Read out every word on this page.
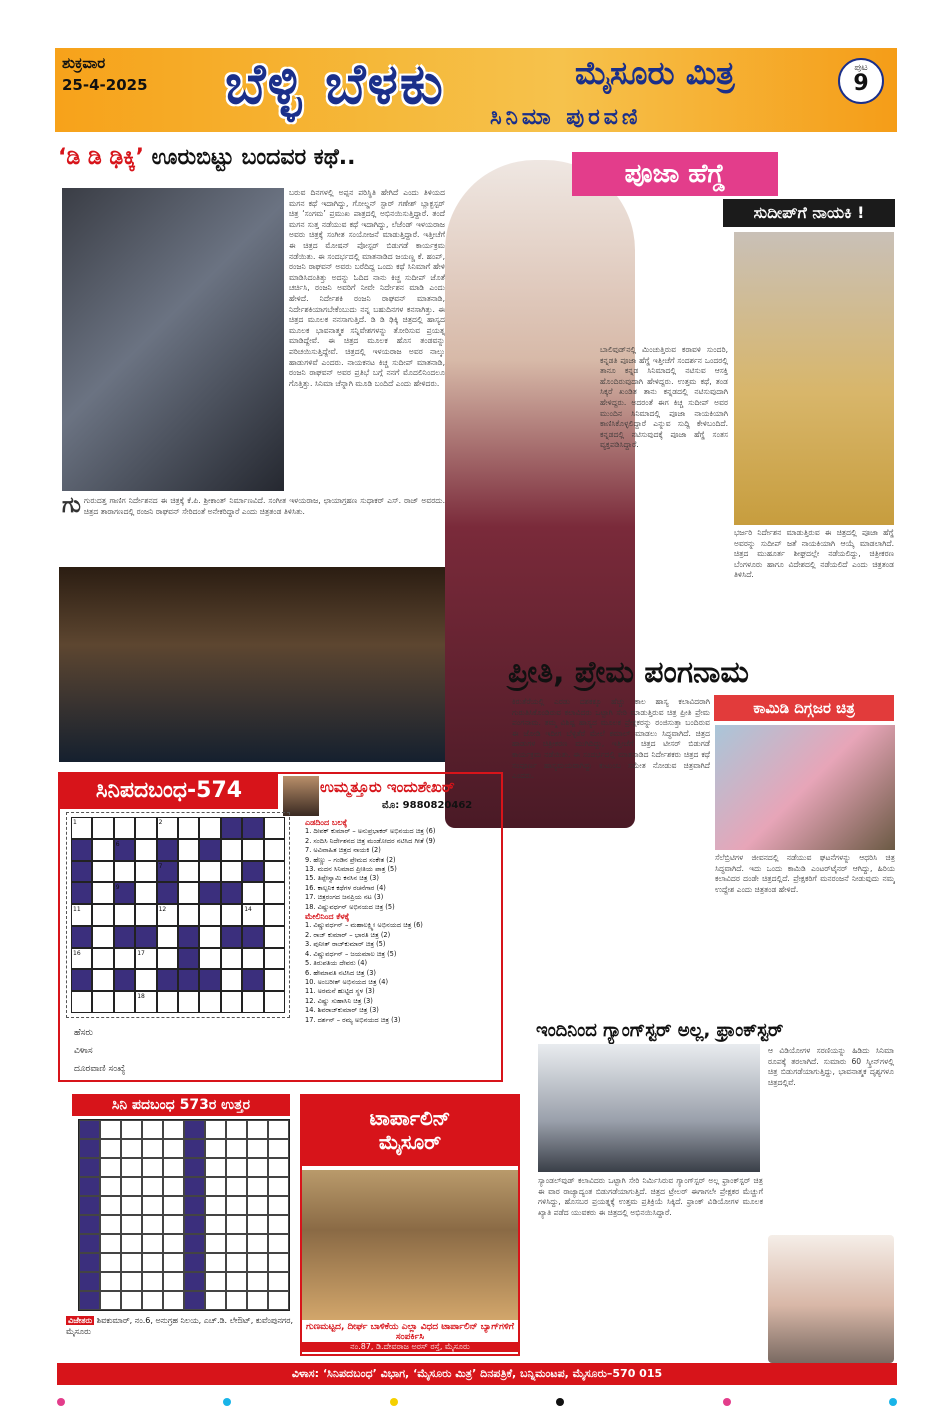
ಶುಕ್ರವಾರ
25-4-2025 ಬೆಳ್ಳಿ ಬೆಳಕು	ಮೈಸೂರು ಮಿತ್ರ
ಸಿನಿಮಾ ಪುರವಣಿ
ಪುಟ
9
‘ಡಿ ಡಿ ಢಿಕ್ಕಿ’ ಊರುಬಿಟ್ಟು ಬಂದವರ ಕಥೆ..
ಬರುವ ದಿನಗಳಲ್ಲಿ ಅಪ್ಪನ ಪರಿಸ್ಥಿತಿ ಹೇಗಿದೆ ಎಂದು ತಿಳಿಯದ ಮಗನ ಕಥೆ ಇದಾಗಿದ್ದು, ಗೋಲ್ಡನ್ ಸ್ಟಾರ್ ಗಣೇಶ್ ಬ್ಲಾಕ್ಬಸ್ಟರ್ ಚಿತ್ರ ‘ಸಂಗಮ’ ಪ್ರಮುಖ ಪಾತ್ರದಲ್ಲಿ ಅಭಿನಯಿಸುತ್ತಿದ್ದಾರೆ. ತಂದೆ ಮಗನ ಸುತ್ತ ನಡೆಯುವ ಕಥೆ ಇದಾಗಿದ್ದು, ಲೆಜೆಂಡ್ ಇಳಯರಾಜ ಅವರು ಚಿತ್ರಕ್ಕೆ ಸಂಗೀತ ಸಂಯೋಜನೆ ಮಾಡುತ್ತಿದ್ದಾರೆ. ಇತ್ತೀಚೆಗೆ ಈ ಚಿತ್ರದ ಮೋಷನ್ ಪೋಸ್ಟರ್ ಬಿಡುಗಡೆ ಕಾರ್ಯಕ್ರಮ ನಡೆಯಿತು. ಈ ಸಂದರ್ಭದಲ್ಲಿ ಮಾತನಾಡಿದ ಜಯಣ್ಣ ಕೆ. ಹಂಪ್, ರಂಜನಿ ರಾಘವನ್ ಅವರು ಬರೆದಿದ್ದ ಒಂದು ಕಥೆ ಸಿನಿಮಾಗೆ ಹೇಳಿ ಮಾಡಿಸಿದಂತಿತ್ತು ಅದನ್ನು ಓದಿದ ನಾನು ಕಿಚ್ಚ ಸುದೀಪ್ ಜೊತೆ ಚರ್ಚಿಸಿ, ರಂಜನಿ ಅವರಿಗೆ ನೀವೇ ನಿರ್ದೇಶನ ಮಾಡಿ ಎಂದು ಹೇಳಿದೆ. ನಿರ್ದೇಶಕಿ ರಂಜನಿ ರಾಘವನ್ ಮಾತನಾಡಿ, ನಿರ್ದೇಶಕಿಯಾಗಬೇಕೆಂಬುದು ನನ್ನ ಬಹುದಿನಗಳ ಕನಸಾಗಿತ್ತು. ಈ ಚಿತ್ರದ ಮೂಲಕ ನನಸಾಗುತ್ತಿದೆ. ಡಿ ಡಿ ಢಿಕ್ಕಿ ಚಿತ್ರದಲ್ಲಿ ಹಾಸ್ಯದ ಮೂಲಕ ಭಾವನಾತ್ಮಕ ಸನ್ನಿವೇಶಗಳನ್ನು ತೋರಿಸುವ ಪ್ರಯತ್ನ ಮಾಡಿದ್ದೇವೆ. ಈ ಚಿತ್ರದ ಮೂಲಕ ಹೊಸ ತಂಡವನ್ನು ಪರಿಚಯಿಸುತ್ತಿದ್ದೇವೆ. ಚಿತ್ರದಲ್ಲಿ ಇಳಯರಾಜ ಅವರ ನಾಲ್ಕು ಹಾಡುಗಳಿವೆ ಎಂದರು. ನಾಯಕನಟ ಕಿಚ್ಚ ಸುದೀಪ್ ಮಾತನಾಡಿ, ರಂಜನಿ ರಾಘವನ್ ಅವರ ಪ್ರತಿಭೆ ಬಗ್ಗೆ ನನಗೆ ಮೊದಲಿನಿಂದಲೂ ಗೊತ್ತಿತ್ತು. ಸಿನಿಮಾ ಚೆನ್ನಾಗಿ ಮೂಡಿ ಬಂದಿದೆ ಎಂದು ಹೇಳಿದರು.
ಗು ಗುರುದತ್ತ ಗಾಣಿಗ ನಿರ್ದೇಶನದ ಈ ಚಿತ್ರಕ್ಕೆ ಕೆ.ಪಿ. ಶ್ರೀಕಾಂತ್ ನಿರ್ಮಾಣವಿದೆ. ಸಂಗೀತ ಇಳಯರಾಜ, ಛಾಯಾಗ್ರಹಣ ಸುಧಾಕರ್ ಎಸ್. ರಾಜ್ ಅವರದು. ಚಿತ್ರದ ತಾರಾಗಣದಲ್ಲಿ ರಂಜನಿ ರಾಘವನ್ ಸೇರಿದಂತೆ ಅನೇಕರಿದ್ದಾರೆ ಎಂದು ಚಿತ್ರತಂಡ ತಿಳಿಸಿತು.
ಪೂಜಾ ಹೆಗ್ಡೆ
ಸುದೀಪ್‌ಗೆ ನಾಯಕಿ !
ಬಾಲಿವುಡ್‌ನಲ್ಲಿ ಮಿಂಚುತ್ತಿರುವ ಕರಾವಳಿ ಸುಂದರಿ, ಕನ್ನಡತಿ ಪೂಜಾ ಹೆಗ್ಡೆ ಇತ್ತೀಚೆಗೆ ಸಂದರ್ಶನ ಒಂದರಲ್ಲಿ ತಾನೂ ಕನ್ನಡ ಸಿನಿಮಾದಲ್ಲಿ ನಟಿಸುವ ಆಸಕ್ತಿ ಹೊಂದಿರುವುದಾಗಿ ಹೇಳಿದ್ದರು. ಉತ್ತಮ ಕಥೆ, ತಂಡ ಸಿಕ್ಕರೆ ಖಂಡಿತ ತಾನು ಕನ್ನಡದಲ್ಲಿ ನಟಿಸುವುದಾಗಿ ಹೇಳಿದ್ದರು. ಅದರಂತೆ ಈಗ ಕಿಚ್ಚ ಸುದೀಪ್ ಅವರ ಮುಂದಿನ ಸಿನಿಮಾದಲ್ಲಿ ಪೂಜಾ ನಾಯಕಿಯಾಗಿ ಕಾಣಿಸಿಕೊಳ್ಳಲಿದ್ದಾರೆ ಎನ್ನುವ ಸುದ್ದಿ ಕೇಳಿಬಂದಿದೆ. ಕನ್ನಡದಲ್ಲಿ ನಟಿಸುವುದಕ್ಕೆ ಪೂಜಾ ಹೆಗ್ಡೆ ಸಂತಸ ವ್ಯಕ್ತಪಡಿಸಿದ್ದಾರೆ.
ಭರ್ಜರಿ ನಿರ್ದೇಶನ ಮಾಡುತ್ತಿರುವ ಈ ಚಿತ್ರದಲ್ಲಿ ಪೂಜಾ ಹೆಗ್ಡೆ ಅವರನ್ನು ಸುದೀಪ್ ಜತೆ ನಾಯಕಿಯಾಗಿ ಆಯ್ಕೆ ಮಾಡಲಾಗಿದೆ. ಚಿತ್ರದ ಮುಹೂರ್ತ ಶೀಘ್ರದಲ್ಲೇ ನಡೆಯಲಿದ್ದು, ಚಿತ್ರೀಕರಣ ಬೆಂಗಳೂರು ಹಾಗೂ ವಿದೇಶದಲ್ಲಿ ನಡೆಯಲಿದೆ ಎಂದು ಚಿತ್ರತಂಡ ತಿಳಿಸಿದೆ.
ಪ್ರೀತಿ, ಪ್ರೇಮ ಪಂಗನಾಮ
ಕಾಮಿಡಿ ದಿಗ್ಗಜರ ಚಿತ್ರ
ಕಿರುತೆರೆಯಲ್ಲಿ ಎರಡು ದಶಕಕ್ಕೂ ಹೆಚ್ಚು ಕಾಲ ಹಾಸ್ಯ ಕಲಾವಿದರಾಗಿ ಗುರುತಿಸಿಕೊಂಡಿರುವ ಕಲಾವಿದರು ಒಟ್ಟಾಗಿ ಸೇರಿ ಮಾಡುತ್ತಿರುವ ಚಿತ್ರ ಪ್ರೀತಿ ಪ್ರೇಮ ಪಂಗನಾಮ. ತಮ್ಮ ವಿಶಿಷ್ಟ ಹಾಸ್ಯದ ಮೂಲಕ ಪ್ರೇಕ್ಷಕರನ್ನು ರಂಜಿಸುತ್ತಾ ಬಂದಿರುವ ಈ ಜೋಡಿ ಇದೀಗ ಬೆಳ್ಳಿತೆರೆ ಮೇಲೆ ಕಮಾಲ್ ಮಾಡಲು ಸಿದ್ಧವಾಗಿದೆ. ಚಿತ್ರದ ಹಾಡುಗಳ ಚಿತ್ರೀಕರಣ ಮುಗಿದಿದ್ದು, ಇತ್ತೀಚೆಗೆ ಚಿತ್ರದ ಟೀಸರ್ ಬಿಡುಗಡೆ ಕಾರ್ಯಕ್ರಮ ನಡೆಯಿತು. ಈ ಸಂದರ್ಭದಲ್ಲಿ ಮಾತನಾಡಿದ ನಿರ್ದೇಶಕರು ಚಿತ್ರದ ಕಥೆ ಸಂಪೂರ್ಣ ಹಾಸ್ಯಮಯವಾಗಿದ್ದು ಕುಟುಂಬ ಸಮೇತ ನೋಡುವ ಚಿತ್ರವಾಗಿದೆ ಎಂದರು.
ಸೆಲೆಬ್ರಿಟಿಗಳ ಜೀವನದಲ್ಲಿ ನಡೆಯುವ ಘಟನೆಗಳನ್ನು ಆಧರಿಸಿ ಚಿತ್ರ ಸಿದ್ಧವಾಗಿದೆ. ಇದು ಒಂದು ಕಾಮಿಡಿ ಎಂಟರ್‌ಟೈನರ್ ಆಗಿದ್ದು, ಹಿರಿಯ ಕಲಾವಿದರ ದಂಡೇ ಚಿತ್ರದಲ್ಲಿದೆ. ಪ್ರೇಕ್ಷಕರಿಗೆ ಮನರಂಜನೆ ನೀಡುವುದು ನಮ್ಮ ಉದ್ದೇಶ ಎಂದು ಚಿತ್ರತಂಡ ಹೇಳಿದೆ.
ಇಂದಿನಿಂದ ಗ್ಯಾಂಗ್‌ಸ್ಟರ್ ಅಲ್ಲ, ಫ್ರಾಂಕ್‌ಸ್ಟರ್
ಸ್ಯಾಂಡಲ್‌ವುಡ್ ಕಲಾವಿದರು ಒಟ್ಟಾಗಿ ಸೇರಿ ನಿರ್ಮಿಸಿರುವ ಗ್ಯಾಂಗ್‌ಸ್ಟರ್ ಅಲ್ಲ ಫ್ರಾಂಕ್‌ಸ್ಟರ್ ಚಿತ್ರ ಈ ವಾರ ರಾಜ್ಯಾದ್ಯಂತ ಬಿಡುಗಡೆಯಾಗುತ್ತಿದೆ. ಚಿತ್ರದ ಟ್ರೇಲರ್ ಈಗಾಗಲೇ ಪ್ರೇಕ್ಷಕರ ಮೆಚ್ಚುಗೆ ಗಳಿಸಿದ್ದು, ಹೊಸಬರ ಪ್ರಯತ್ನಕ್ಕೆ ಉತ್ತಮ ಪ್ರತಿಕ್ರಿಯೆ ಸಿಕ್ಕಿದೆ. ಫ್ರಾಂಕ್ ವಿಡಿಯೋಗಳ ಮೂಲಕ ಖ್ಯಾತಿ ಪಡೆದ ಯುವಕರು ಈ ಚಿತ್ರದಲ್ಲಿ ಅಭಿನಯಿಸಿದ್ದಾರೆ.
ಆ ವಿಡಿಯೋಗಳ ಸರಣಿಯನ್ನು ಹಿಡಿದು ಸಿನಿಮಾ ರೂಪಕ್ಕೆ ತರಲಾಗಿದೆ. ಸುಮಾರು 60 ಸ್ಕ್ರೀನ್‌ಗಳಲ್ಲಿ ಚಿತ್ರ ಬಿಡುಗಡೆಯಾಗುತ್ತಿದ್ದು, ಭಾವನಾತ್ಮಕ ದೃಶ್ಯಗಳೂ ಚಿತ್ರದಲ್ಲಿವೆ.
ಸಿನಿಪದಬಂಧ-574	ಉಮ್ಮತ್ತೂರು ಇಂದುಶೇಖರ್
ಮೊ: 9880820462
1	2
6
7
9
11	12	14
16	17
18
ಹೆಸರು
ವಿಳಾಸ
ದೂರವಾಣಿ ಸಂಖ್ಯೆ
ಎಡದಿಂದ ಬಲಕ್ಕೆ
1. ದೀಪಕ್ ಕುಮಾರ್ – ಅನುಪ್ರಭಾಕರ್ ಅಭಿನಯದ ಚಿತ್ರ (6)
2. ಸಂದಿಸಿ ನಿರ್ದೇಶನದ ಚಿತ್ರ ಮಂಡೋದರ ನಟಿಸಿದ ಗೀತೆ (9)
7. ಅವಿವಾಹಿತ ಚಿತ್ರದ ನಾಯಕಿ (2)
9. ಹೆಣ್ಣು – ಗಂಡಿನ ಪ್ರೇಮದ ಸಂಕೇತ (2)
13. ಮದನ ಸಿನಿಮಾದ ಪ್ರೀತಿಯ ಪಾತ್ರ (5)
15. ತಿಪ್ಪೇಸ್ವಾಮಿ ಕನಸಿನ ಚಿತ್ರ (3)
16. ಕಾಲ್ಪನಿಕ ಕಥೆಗಳ ರಚನೆಗಾರ (4)
17. ಚಿತ್ರರಂಗದ ಜನಪ್ರಿಯ ನಟ (3)
18. ವಿಷ್ಣುವರ್ಧನ್ ಅಭಿನಯದ ಚಿತ್ರ (5)
ಮೇಲಿನಿಂದ ಕೆಳಕ್ಕೆ
1. ವಿಷ್ಣುವರ್ಧನ್ – ಮಹಾಲಕ್ಷ್ಮೀ ಅಭಿನಯದ ಚಿತ್ರ (6)
2. ರಾಜ್ ಕುಮಾರ್ – ಭಾರತಿ ಚಿತ್ರ (2)
3. ಪುನೀತ್ ರಾಜ್‌ಕುಮಾರ್ ಚಿತ್ರ (5)
4. ವಿಷ್ಣುವರ್ಧನ್ – ಜಯಮಾಲ ಚಿತ್ರ (5)
5. ತಿರುಪತಿಯ ದೇವರು (4)
6. ಹೇಮಾವತಿ ನಟಿಸಿದ ಚಿತ್ರ (3)
10. ಅಂಬರೀಶ್ ಅಭಿನಯದ ಚಿತ್ರ (4)
11. ಅರಮನೆ ಹುಟ್ಟಿದ ಸ್ಥಳ (3)
12. ವಿಷ್ಣು ಸುಹಾಸಿನಿ ಚಿತ್ರ (3)
14. ಶಿವರಾಜ್‌ಕುಮಾರ್ ಚಿತ್ರ (3)
17. ದರ್ಶನ್ – ರಮ್ಯ ಅಭಿನಯದ ಚಿತ್ರ (3)
ಸಿನಿ ಪದಬಂಧ 573ರ ಉತ್ತರ
ವಿಜೇತರು ಶಿವಕುಮಾರ್, ನಂ.6, ಅನುಗ್ರಹ ನಿಲಯ, ಎಚ್.ಡಿ. ಲೇಔಟ್, ಕುವೆಂಪುನಗರ, ಮೈಸೂರು
ಟಾರ್ಪಾಲಿನ್
ಮೈಸೂರ್
ಗುಣಮಟ್ಟದ, ದೀರ್ಘ ಬಾಳಿಕೆಯ ಎಲ್ಲಾ ವಿಧದ ಟಾರ್ಪಾಲಿನ್ ಬ್ಯಾಗ್‌ಗಳಿಗೆ ಸಂಪರ್ಕಿಸಿ
ನಂ.87, ಡಿ.ದೇವರಾಜ ಅರಸ್ ರಸ್ತೆ, ಮೈಸೂರು
ವಿಳಾಸ: ‘ಸಿನಿಪದಬಂಧ’ ವಿಭಾಗ, ‘ಮೈಸೂರು ಮಿತ್ರ’ ದಿನಪತ್ರಿಕೆ, ಬನ್ನಿಮಂಟಪ, ಮೈಸೂರು–570 015
